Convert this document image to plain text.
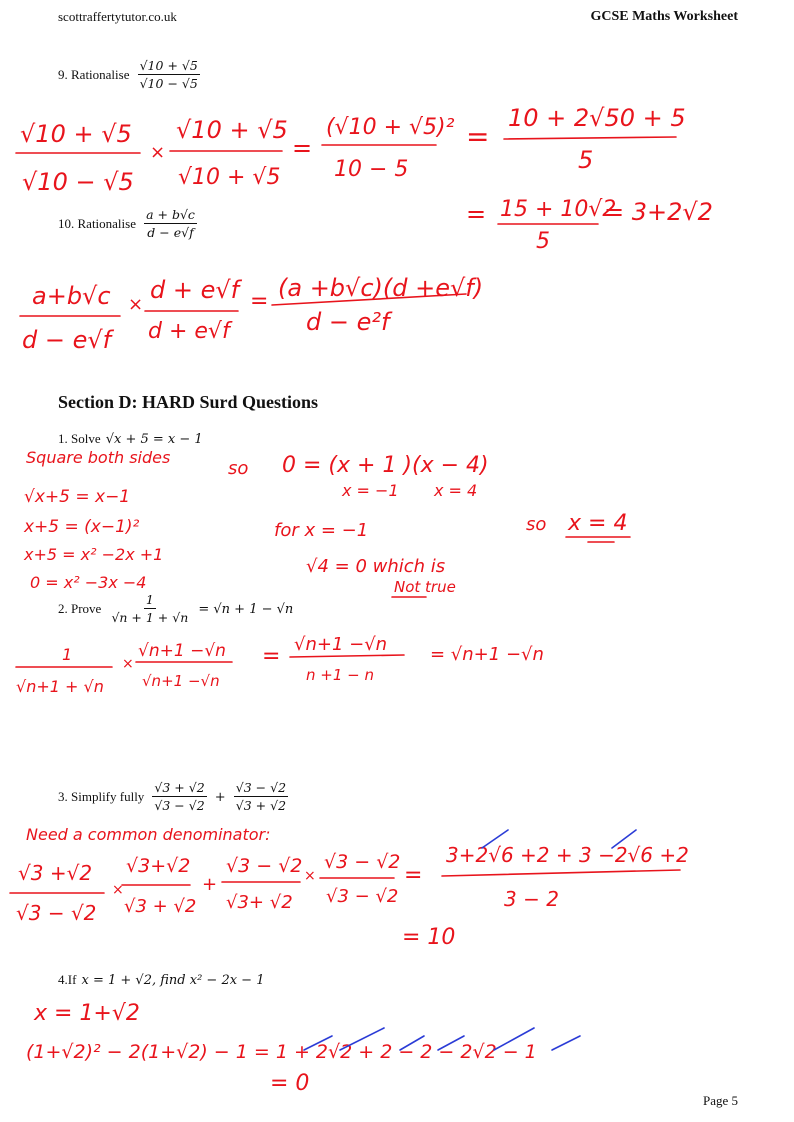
scottraffertytutor.co.uk	GCSE Maths Worksheet
9. Rationalise $\frac{√10 + √5}{√10 - √5}$
10. Rationalise $\frac{a + b√c}{d - e√f}$
Section D: HARD Surd Questions
1. Solve √x + 5 = x − 1
2. Prove $\frac{1}{√n + 1 + √n} = √n + 1 - √n$
3. Simplify fully $\frac{√3 + √2}{√3 - √2} + \frac{√3 - √2}{√3 + √2}$
4.If x = 1 + √2, find x² − 2x − 1
Page 5
√10 + √5
√10 − √5
×
√10 + √5
√10 + √5
=
(√10 + √5)²
10 − 5
=
10 + 2√50 + 5
5
= 15 + 10√2
5
= 3+2√2
a+b√c
d − e√f
×
d + e√f
d + e√f
= (a +b√c)(d +e√f)
d − e²f
Square both sides
so 0 = (x + 1 )(x − 4)
x = −1 x = 4
√x+5 = x−1
x+5 = (x−1)²	for x = −1	so x = 4
x+5 = x² −2x +1
√4 = 0 which is
Not true
0 = x² −3x −4
1
√n+1 + √n
×
√n+1 −√n
√n+1 −√n
= √n+1 −√n
n +1 − n
= √n+1 −√n
Need a common denominator:
√3 +√2
√3 − √2
×
√3+√2
√3 + √2
+
√3 − √2
√3+ √2
×
√3 − √2
√3 − √2
=
3+2√6 +2 + 3 −2√6 +2
3 − 2
= 10
x = 1+√2
(1+√2)² − 2(1+√2) − 1 = 1 + 2√2 + 2 − 2 − 2√2 − 1
= 0
